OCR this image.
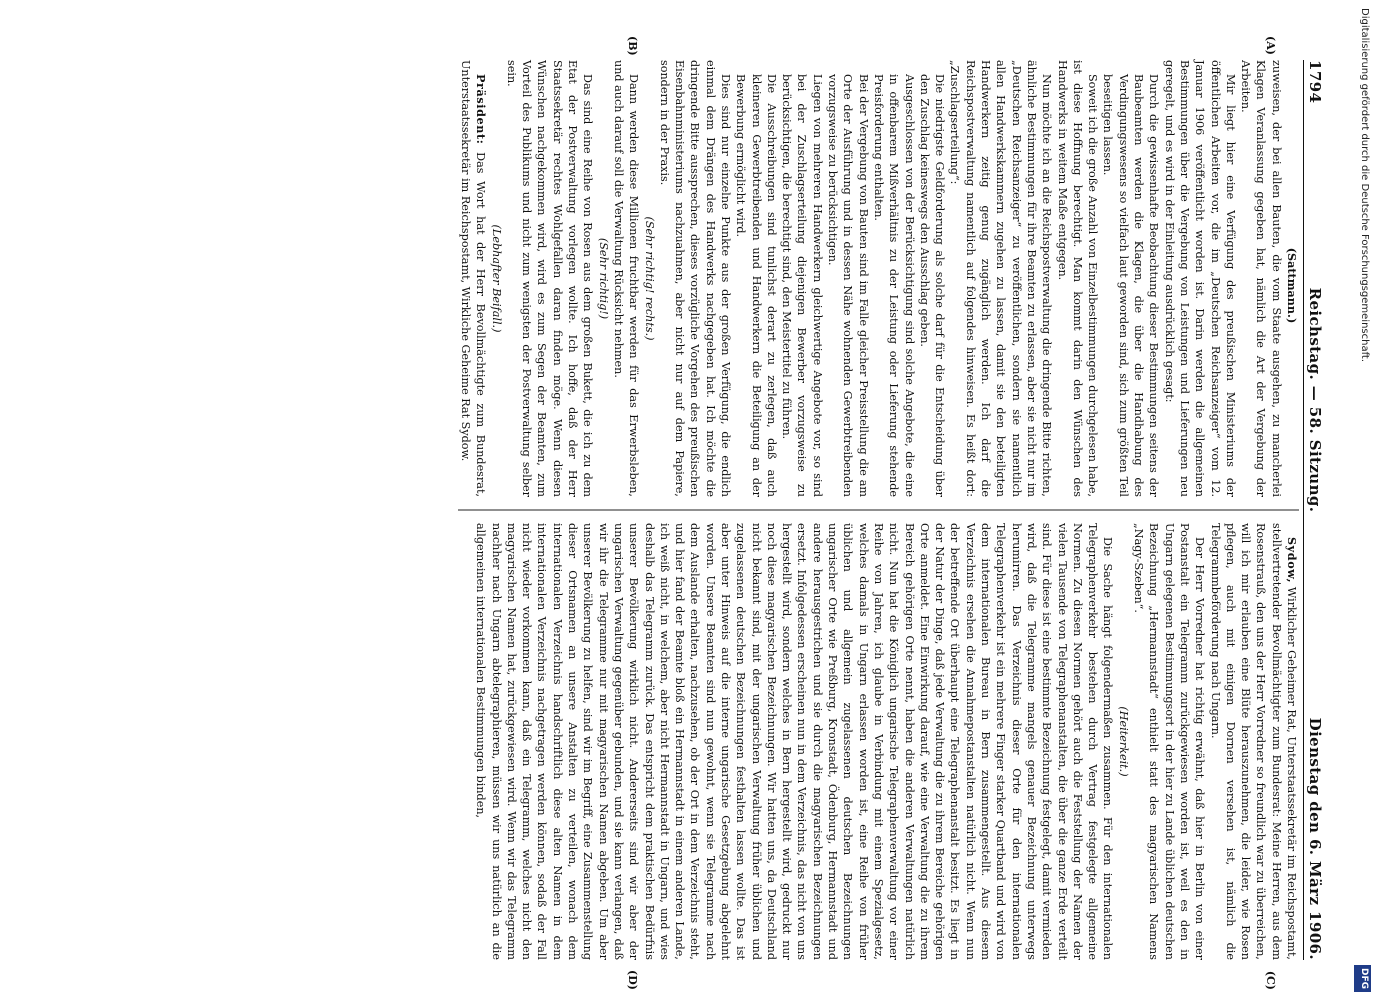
1794
Reichstag. — 58. Sitzung.
Dienstag den 6. März 1906.
(A)
(B)
(C)
(D)

(Sattmann.)

zuweisen, der bei allen Bauten, die vom Staate ausgehen, zu mancherlei Klagen Veranlassung gegeben hat, nämlich die Art der Vergebung der Arbeiten.

Mir liegt hier eine Verfügung des preußischen Ministeriums der öffentlichen Arbeiten vor, die im „Deutschen Reichsanzeiger“ vom 12. Januar 1906 veröffentlicht worden ist. Darin werden die allgemeinen Bestimmungen über die Vergebung von Leistungen und Lieferungen neu geregelt, und es wird in der Einleitung ausdrücklich gesagt:

Durch die gewissenhafte Beobachtung dieser Bestimmungen seitens der Baubeamten werden die Klagen, die über die Handhabung des Verdingungswesens so vielfach laut geworden sind, sich zum größten Teil beseitigen lassen.

Soweit ich die große Anzahl von Einzelbestimmungen durchgelesen habe, ist diese Hoffnung berechtigt. Man kommt darin den Wünschen des Handwerks in weitem Maße entgegen.

Nun möchte ich an die Reichspostverwaltung die dringende Bitte richten, ähnliche Bestimmungen für ihre Beamten zu erlassen, aber sie nicht nur im „Deutschen Reichsanzeiger“ zu veröffentlichen, sondern sie namentlich allen Handwerkskammern zugehen zu lassen, damit sie den beteiligten Handwerkern zeitig genug zugänglich werden. Ich darf die Reichspostverwaltung namentlich auf folgendes hinweisen. Es heißt dort: „Zuschlagserteilung“:

Die niedrigste Geldforderung als solche darf für die Entscheidung über den Zuschlag keineswegs den Ausschlag geben.

Ausgeschlossen von der Berücksichtigung sind solche Angebote, die eine in offenbarem Mißverhältnis zu der Leistung oder Lieferung stehende Preisforderung enthalten.

Bei der Vergebung von Bauten sind im Falle gleicher Preisstellung die am Orte der Ausführung und in dessen Nähe wohnenden Gewerbtreibenden vorzugsweise zu berücksichtigen.

Liegen von mehreren Handwerkern gleichwertige Angebote vor, so sind bei der Zuschlagserteilung diejenigen Bewerber vorzugsweise zu berücksichtigen, die berechtigt sind, den Meistertitel zu führen.

Die Ausschreibungen sind tunlichst derart zu zerlegen, daß auch kleineren Gewerbtreibenden und Handwerkern die Beteiligung an der Bewerbung ermöglicht wird.

Dies sind nur einzelne Punkte aus der großen Verfügung, die endlich einmal dem Drängen des Handwerks nachgegeben hat. Ich möchte die dringende Bitte aussprechen, dieses vorzügliche Vorgehen des preußischen Eisenbahnministeriums nachzuahmen, aber nicht nur auf dem Papiere, sondern in der Praxis.

(Sehr richtig! rechts.)

Dann werden diese Millionen fruchtbar werden für das Erwerbsleben, und auch darauf soll die Verwaltung Rücksicht nehmen.

(Sehr richtig!)

Das sind eine Reihe von Rosen aus dem großen Bukett, die ich zu dem Etat der Postverwaltung vorlegen wollte. Ich hoffe, daß der Herr Staatssekretär rechtes Wohlgefallen daran finden möge. Wenn diesen Wünschen nachgekommen wird, wird es zum Segen der Beamten, zum Vorteil des Publikums und nicht zum wenigsten der Postverwaltung selber sein.

(Lebhafter Beifall.)

Präsident: Das Wort hat der Herr Bevollmächtigte zum Bundesrat, Unterstaatssekretär im Reichspostamt, Wirkliche Geheime Rat Sydow.

Sydow, Wirklicher Geheimer Rat, Unterstaatssekretär im Reichspostamt, stellvertretender Bevollmächtigter zum Bundesrat: Meine Herren, aus dem Rosenstrauß, den uns der Herr Vorredner so freundlich war zu überreichen, will ich mir erlauben eine Blüte herauszunehmen, die leider, wie Rosen pflegen, auch mit einigen Dornen versehen ist, nämlich die Telegrammbeförderung nach Ungarn.

Der Herr Vorredner hat richtig erwähnt, daß hier in Berlin von einer Postanstalt ein Telegramm zurückgewiesen worden ist, weil es den in Ungarn gelegenen Bestimmungsort in der hier zu Lande üblichen deutschen Bezeichnung „Hermannstadt“ enthielt statt des magyarischen Namens „Nagy-Szeben“.

(Heiterkeit.)

Die Sache hängt folgendermaßen zusammen. Für den internationalen Telegraphenverkehr bestehen durch Vertrag festgelegte allgemeine Normen. Zu diesen Normen gehört auch die Feststellung der Namen der vielen Tausende von Telegraphenanstalten, die über die ganze Erde verteilt sind. Für diese ist eine bestimmte Bezeichnung festgelegt, damit vermieden wird, daß die Telegramme mangels genauer Bezeichnung unterwegs herumirren. Das Verzeichnis dieser Orte für den internationalen Telegraphenverkehr ist ein mehrere Finger starker Quartband und wird von dem internationalen Bureau in Bern zusammengestellt. Aus diesem Verzeichnis ersehen die Annahmepostanstalten natürlich nicht. Wenn nun der betreffende Ort überhaupt eine Telegraphenanstalt besitzt. Es liegt in der Natur der Dinge, daß jede Verwaltung die zu ihrem Bereiche gehörigen Orte anmeldet. Eine Einwirkung darauf, wie eine Verwaltung die zu ihrem Bereich gehörigen Orte nennt, haben die anderen Verwaltungen natürlich nicht. Nun hat die Königlich ungarische Telegraphenverwaltung vor einer Reihe von Jahren, ich glaube in Verbindung mit einem Spezialgesetz, welches damals in Ungarn erlassen worden ist, eine Reihe von früher üblichen und allgemein zugelassenen deutschen Bezeichnungen ungarischer Orte wie Preßburg, Kronstadt, Ödenburg, Hermannstadt und andere herausgestrichen und sie durch die magyarischen Bezeichnungen ersetzt. Infolgedessen erscheinen nun in dem Verzeichnis, das nicht von uns hergestellt wird, sondern welches in Bern hergestellt wird, gedruckt nur noch diese magyarischen Bezeichnungen. Wir hatten uns, da Deutschland nicht bekannt sind, mit der ungarischen Verwaltung früher üblichen und zugelassenen deutschen Bezeichnungen festhalten lassen wollte. Das ist aber unter Hinweis auf die interne ungarische Gesetzgebung abgelehnt worden. Unsere Beamten sind nun gewohnt, wenn sie Telegramme nach dem Auslande erhalten, nachzusehen, ob der Ort in dem Verzeichnis steht, und hier fand der Beamte bloß ein Hermannstadt in einem anderen Lande, ich weiß nicht, in welchem, aber nicht Hermannstadt in Ungarn, und wies deshalb das Telegramm zurück. Das entspricht dem praktischen Bedürfnis unserer Bevölkerung wirklich nicht. Andererseits sind wir aber der ungarischen Verwaltung gegenüber gebunden, und sie kann verlangen, daß wir ihr die Telegramme nur mit magyarischen Namen abgeben. Um aber unserer Bevölkerung zu helfen, sind wir im Begriff, eine Zusammenstellung dieser Ortsnamen an unsere Anstalten zu verteilen, wonach dem internationalen Verzeichnis handschriftlich diese alten Namen in dem internationalen Verzeichnis nachgetragen werden können, sodaß der Fall nicht wieder vorkommen kann, daß ein Telegramm, welches nicht den magyarischen Namen hat, zurückgewiesen wird. Wenn wir das Telegramm nachher nach Ungarn abtelegraphieren, müssen wir uns natürlich an die allgemeinen internationalen Bestimmungen binden,

Digitalisierung gefördert durch die Deutsche Forschungsgemeinschaft.
DFG
